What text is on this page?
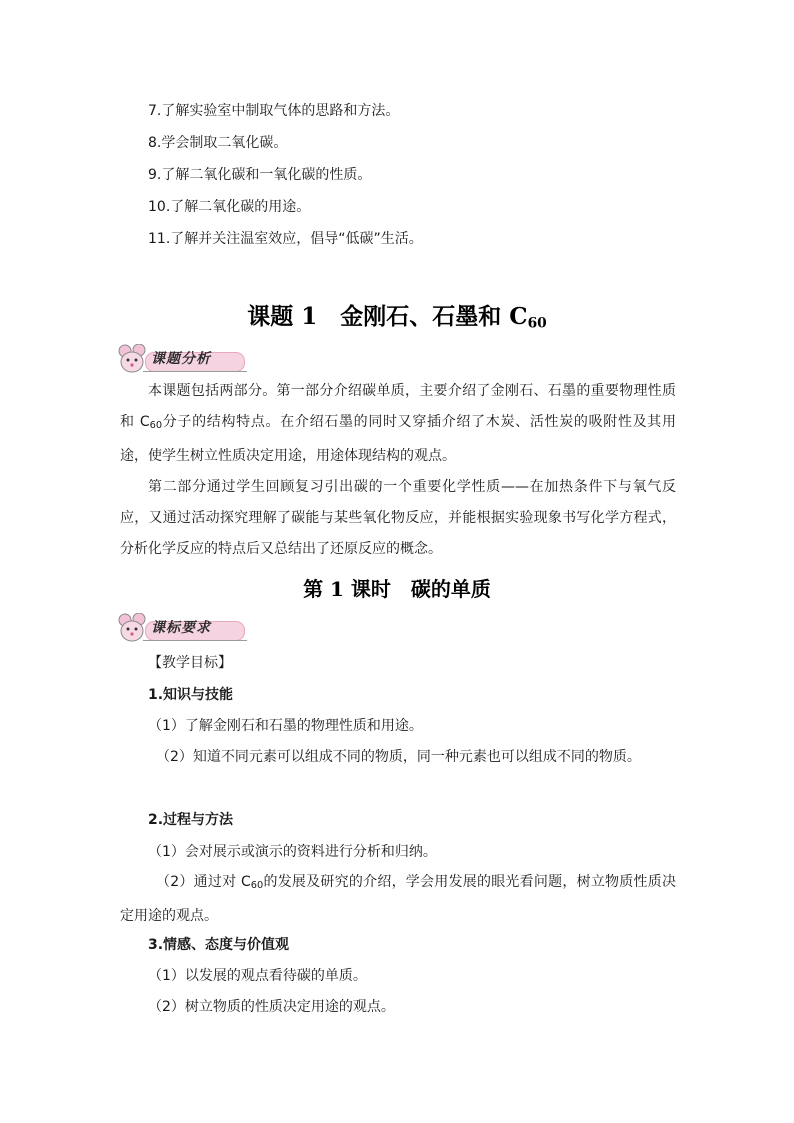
7.了解实验室中制取气体的思路和方法。
8.学会制取二氧化碳。
9.了解二氧化碳和一氧化碳的性质。
10.了解二氧化碳的用途。
11.了解并关注温室效应，倡导“低碳”生活。
课题 1　金刚石、石墨和 $C_{60}$
课题分析

本课题包括两部分。第一部分介绍碳单质，主要介绍了金刚石、石墨的重要物理性质和 $C_{60}$分子的结构特点。在介绍石墨的同时又穿插介绍了木炭、活性炭的吸附性及其用途，使学生树立性质决定用途，用途体现结构的观点。

第二部分通过学生回顾复习引出碳的一个重要化学性质——在加热条件下与氧气反应，又通过活动探究理解了碳能与某些氧化物反应，并能根据实验现象书写化学方程式，分析化学反应的特点后又总结出了还原反应的概念。

第 1 课时　碳的单质
课标要求
【教学目标】
1.知识与技能
（1）了解金刚石和石墨的物理性质和用途。

（2）知道不同元素可以组成不同的物质，同一种元素也可以组成不同的物质。

2.过程与方法
（1）会对展示或演示的资料进行分析和归纳。

（2）通过对 $C_{60}$的发展及研究的介绍，学会用发展的眼光看问题，树立物质性质决定用途的观点。

3.情感、态度与价值观
（1）以发展的观点看待碳的单质。
（2）树立物质的性质决定用途的观点。
